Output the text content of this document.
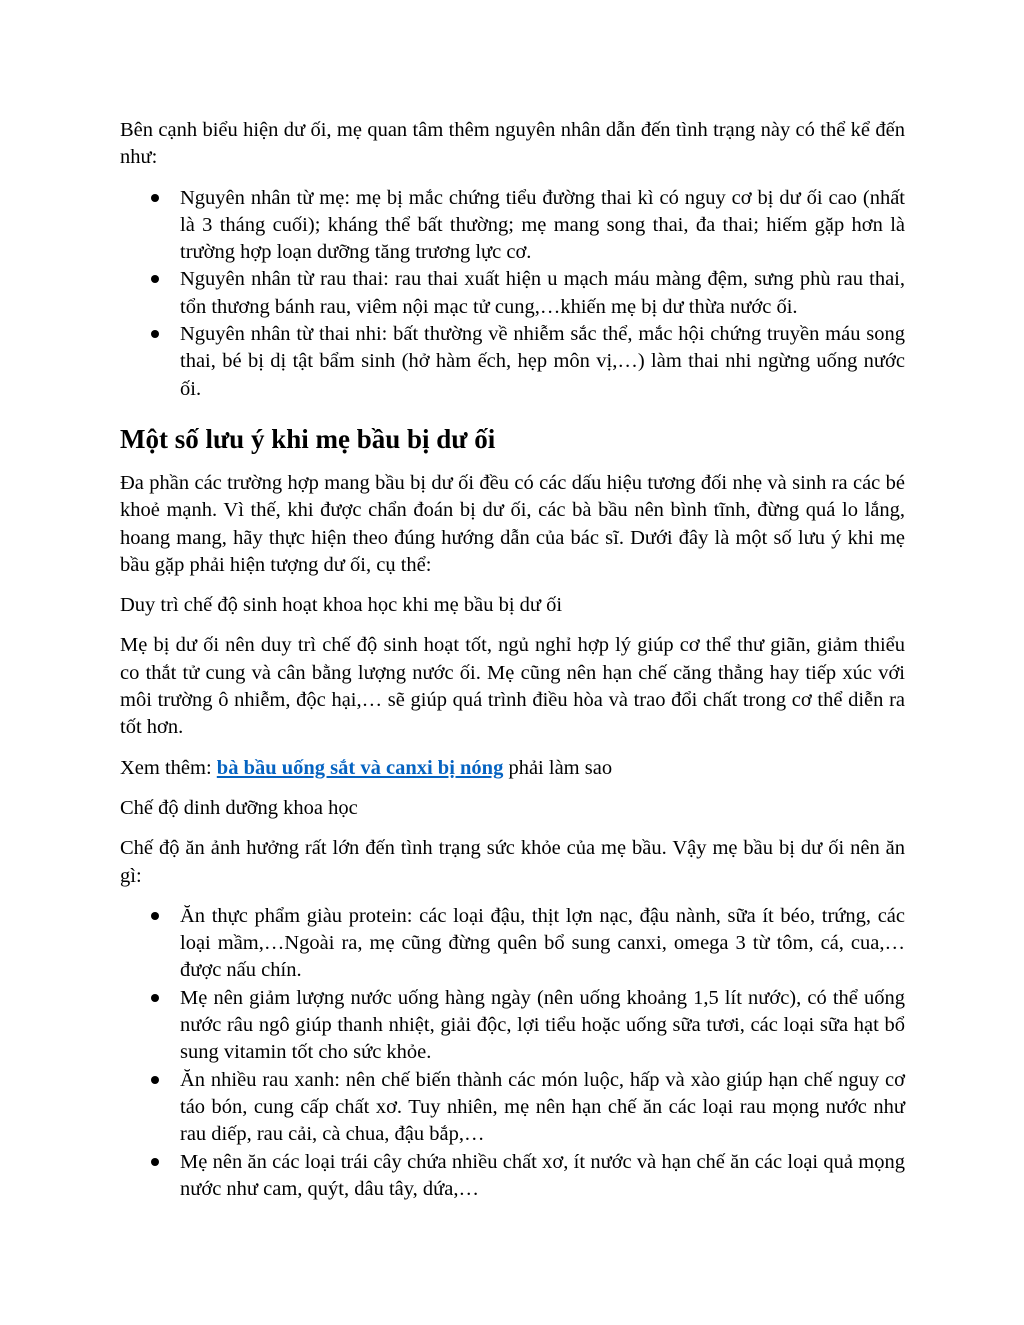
Bên cạnh biểu hiện dư ối, mẹ quan tâm thêm nguyên nhân dẫn đến tình trạng này có thể kể đến như:

Nguyên nhân từ mẹ: mẹ bị mắc chứng tiểu đường thai kì có nguy cơ bị dư ối cao (nhất là 3 tháng cuối); kháng thể bất thường; mẹ mang song thai, đa thai; hiếm gặp hơn là trường hợp loạn dưỡng tăng trương lực cơ.
Nguyên nhân từ rau thai: rau thai xuất hiện u mạch máu màng đệm, sưng phù rau thai, tổn thương bánh rau, viêm nội mạc tử cung,…khiến mẹ bị dư thừa nước ối.
Nguyên nhân từ thai nhi: bất thường về nhiễm sắc thể, mắc hội chứng truyền máu song thai, bé bị dị tật bẩm sinh (hở hàm ếch, hẹp môn vị,…) làm thai nhi ngừng uống nước ối.
Một số lưu ý khi mẹ bầu bị dư ối

Đa phần các trường hợp mang bầu bị dư ối đều có các dấu hiệu tương đối nhẹ và sinh ra các bé khoẻ mạnh. Vì thế, khi được chẩn đoán bị dư ối, các bà bầu nên bình tĩnh, đừng quá lo lắng, hoang mang, hãy thực hiện theo đúng hướng dẫn của bác sĩ. Dưới đây là một số lưu ý khi mẹ bầu gặp phải hiện tượng dư ối, cụ thể:

Duy trì chế độ sinh hoạt khoa học khi mẹ bầu bị dư ối

Mẹ bị dư ối nên duy trì chế độ sinh hoạt tốt, ngủ nghỉ hợp lý giúp cơ thể thư giãn, giảm thiểu co thắt tử cung và cân bằng lượng nước ối. Mẹ cũng nên hạn chế căng thẳng hay tiếp xúc với môi trường ô nhiễm, độc hại,… sẽ giúp quá trình điều hòa và trao đổi chất trong cơ thể diễn ra tốt hơn.

Xem thêm: bà bầu uống sắt và canxi bị nóng phải làm sao

Chế độ dinh dưỡng khoa học

Chế độ ăn ảnh hưởng rất lớn đến tình trạng sức khỏe của mẹ bầu. Vậy mẹ bầu bị dư ối nên ăn gì:

Ăn thực phẩm giàu protein: các loại đậu, thịt lợn nạc, đậu nành, sữa ít béo, trứng, các loại mầm,…Ngoài ra, mẹ cũng đừng quên bổ sung canxi, omega 3 từ tôm, cá, cua,…được nấu chín.
Mẹ nên giảm lượng nước uống hàng ngày (nên uống khoảng 1,5 lít nước), có thể uống nước râu ngô giúp thanh nhiệt, giải độc, lợi tiểu hoặc uống sữa tươi, các loại sữa hạt bổ sung vitamin tốt cho sức khỏe.
Ăn nhiều rau xanh: nên chế biến thành các món luộc, hấp và xào giúp hạn chế nguy cơ táo bón, cung cấp chất xơ. Tuy nhiên, mẹ nên hạn chế ăn các loại rau mọng nước như rau diếp, rau cải, cà chua, đậu bắp,…
Mẹ nên ăn các loại trái cây chứa nhiều chất xơ, ít nước và hạn chế ăn các loại quả mọng nước như cam, quýt, dâu tây, dứa,…
